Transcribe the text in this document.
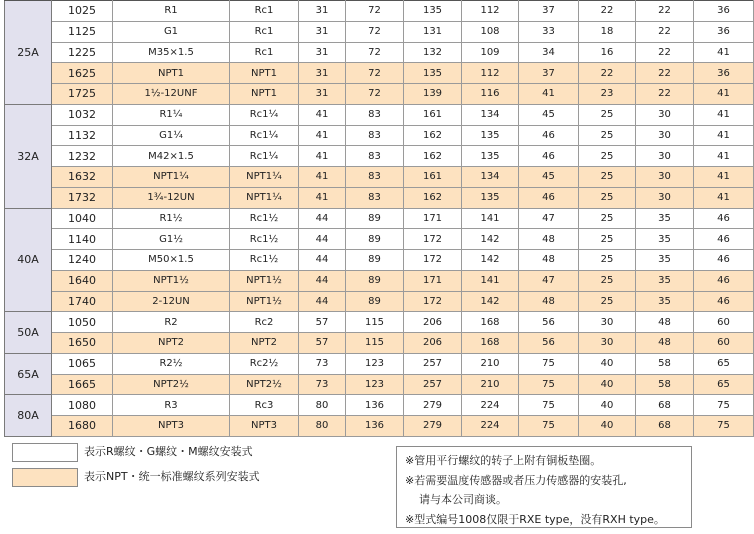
25A	1025	R1	Rc1	31	72	135	112	37	22	22	36
	1125	G1	Rc1	31	72	131	108	33	18	22	36
	1225	M35×1.5	Rc1	31	72	132	109	34	16	22	41
	1625	NPT1	NPT1	31	72	135	112	37	22	22	36
	1725	1½-12UNF	NPT1	31	72	139	116	41	23	22	41
32A	1032	R1¼	Rc1¼	41	83	161	134	45	25	30	41
	1132	G1¼	Rc1¼	41	83	162	135	46	25	30	41
	1232	M42×1.5	Rc1¼	41	83	162	135	46	25	30	41
	1632	NPT1¼	NPT1¼	41	83	161	134	45	25	30	41
	1732	1¾-12UN	NPT1¼	41	83	162	135	46	25	30	41
40A	1040	R1½	Rc1½	44	89	171	141	47	25	35	46
	1140	G1½	Rc1½	44	89	172	142	48	25	35	46
	1240	M50×1.5	Rc1½	44	89	172	142	48	25	35	46
	1640	NPT1½	NPT1½	44	89	171	141	47	25	35	46
	1740	2-12UN	NPT1½	44	89	172	142	48	25	35	46
50A	1050	R2	Rc2	57	115	206	168	56	30	48	60
	1650	NPT2	NPT2	57	115	206	168	56	30	48	60
65A	1065	R2½	Rc2½	73	123	257	210	75	40	58	65
	1665	NPT2½	NPT2½	73	123	257	210	75	40	58	65
80A	1080	R3	Rc3	80	136	279	224	75	40	68	75
	1680	NPT3	NPT3	80	136	279	224	75	40	68	75
表示R螺纹・G螺纹・M螺纹安装式
表示NPT・统一标准螺纹系列安装式
※管用平行螺纹的转子上附有铜板垫圈。
※若需要温度传感器或者压力传感器的安装孔,
请与本公司商谈。
※型式编号1008仅限于RXE type，没有RXH type。
